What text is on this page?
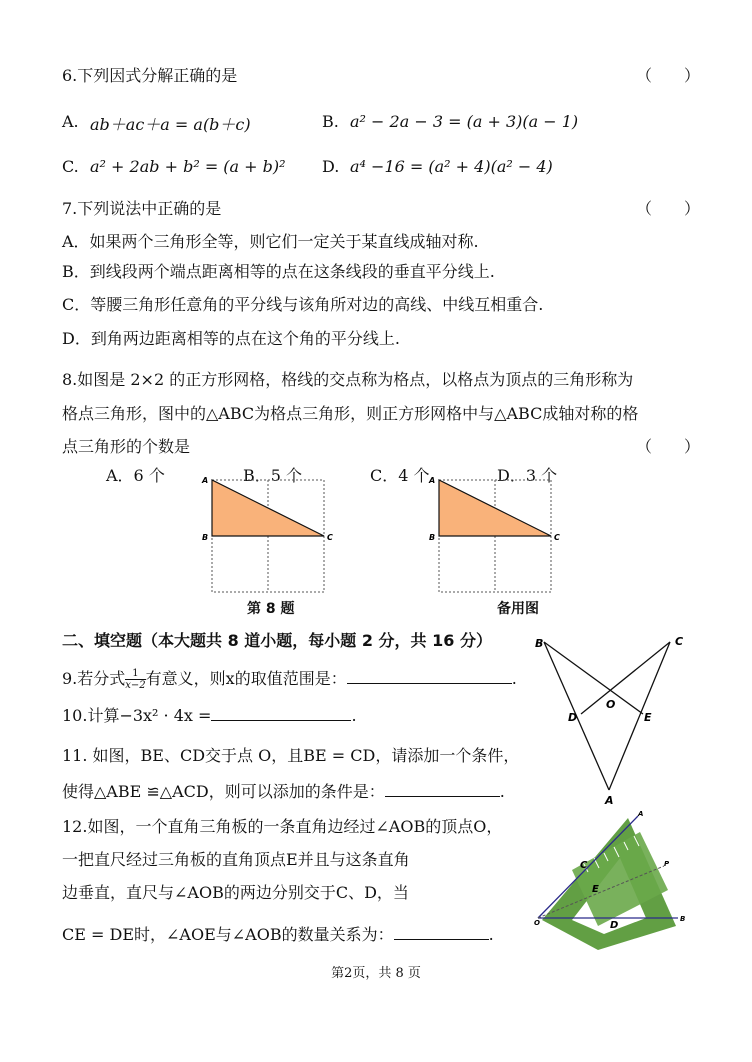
6.下列因式分解正确的是	（　　）
A. ab＋ac＋a = a(b＋c)	B. a² − 2a − 3 = (a + 3)(a − 1)
C. a² + 2ab + b² = (a + b)² D. a⁴ −16 = (a² + 4)(a² − 4)
7.下列说法中正确的是	（　　）
A．如果两个三角形全等，则它们一定关于某直线成轴对称.
B．到线段两个端点距离相等的点在这条线段的垂直平分线上.
C．等腰三角形任意角的平分线与该角所对边的高线、中线互相重合.
D．到角两边距离相等的点在这个角的平分线上.
8.如图是 2×2 的正方形网格，格线的交点称为格点，以格点为顶点的三角形称为
格点三角形，图中的△ABC为格点三角形，则正方形网格中与△ABC成轴对称的格
点三角形的个数是	（　　）
A．6 个	B．5 个	C．4 个	D．3 个
A
B	C
第 8 题
A
B	C
备用图
二、填空题（本大题共 8 道小题，每小题 2 分，共 16 分）
9.若分式 $\frac{1}{x-2}$ 有意义，则x的取值范围是：	.
10.计算−3x² · 4x =	.
11. 如图，BE、CD交于点 O，且BE = CD，请添加一个条件，
使得△ABE ≌△ACD，则可以添加的条件是：	.
B	C
O
D	E
A
12.如图，一个直角三角板的一条直角边经过∠AOB的顶点O，
一把直尺经过三角板的直角顶点E并且与这条直角
边垂直，直尺与∠AOB的两边分别交于C、D，当
CE = DE时，∠AOE与∠AOB的数量关系为：	.
A
P
C
E
O	D
B
第2页，共 8 页
